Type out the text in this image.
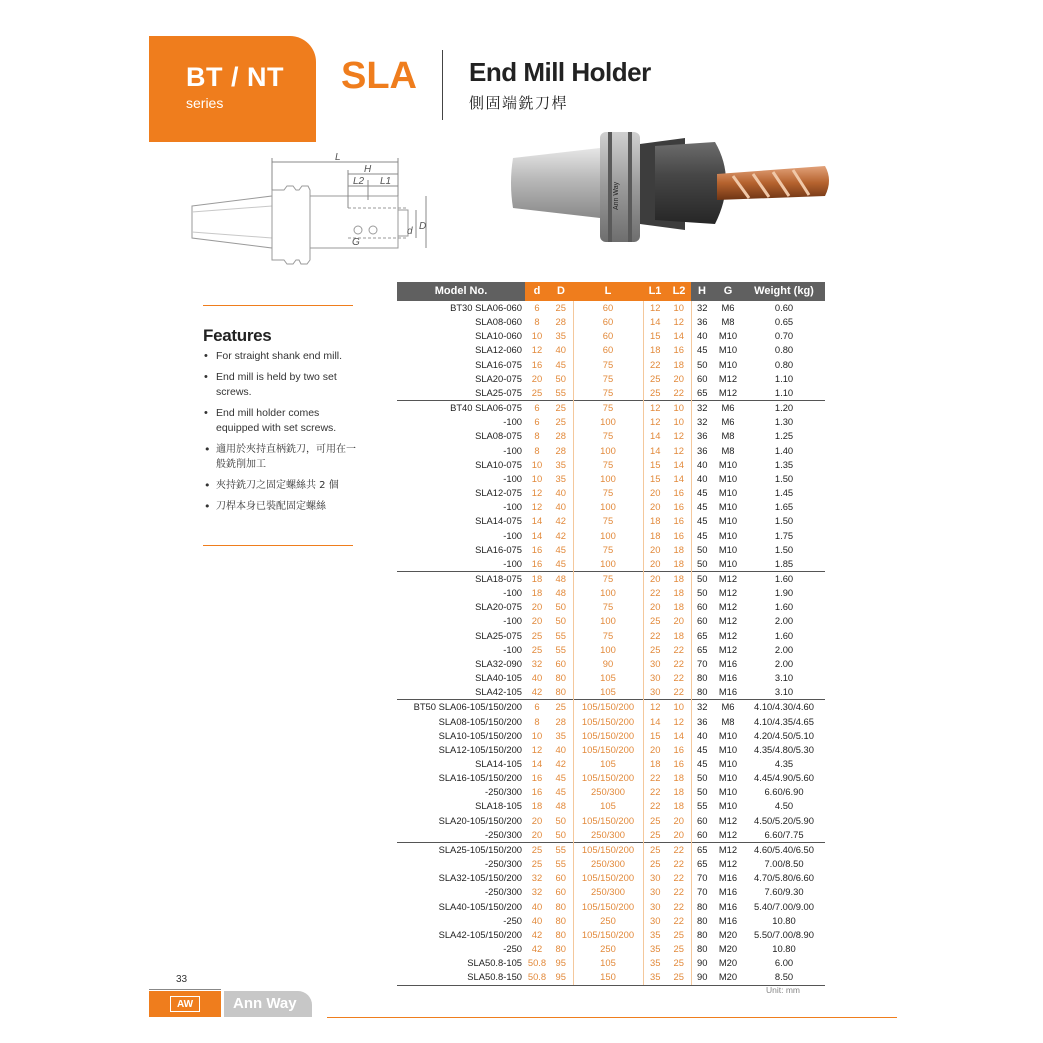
BT / NT
series
SLA End Mill Holder
側固端銑刀桿
L
H
L2 L1
G
d D
Ann Way
Features
• For straight shank end mill.
• End mill is held by two set screws.
• End mill holder comes equipped with set screws.
• 適用於夾持直柄銑刀，可用在一般銑削加工
• 夾持銑刀之固定螺絲共 2 個
• 刀桿本身已裝配固定螺絲
Model No.	d	D	L	L1	L2	H	G	Weight (kg)
BT30 SLA06-060	6	25	60	12	10	32	M6	0.60
SLA08-060	8	28	60	14	12	36	M8	0.65
SLA10-060	10	35	60	15	14	40	M10	0.70
SLA12-060	12	40	60	18	16	45	M10	0.80
SLA16-075	16	45	75	22	18	50	M10	0.80
SLA20-075	20	50	75	25	20	60	M12	1.10
SLA25-075	25	55	75	25	22	65	M12	1.10
BT40 SLA06-075	6	25	75	12	10	32	M6	1.20
-100	6	25	100	12	10	32	M6	1.30
SLA08-075	8	28	75	14	12	36	M8	1.25
-100	8	28	100	14	12	36	M8	1.40
SLA10-075	10	35	75	15	14	40	M10	1.35
-100	10	35	100	15	14	40	M10	1.50
SLA12-075	12	40	75	20	16	45	M10	1.45
-100	12	40	100	20	16	45	M10	1.65
SLA14-075	14	42	75	18	16	45	M10	1.50
-100	14	42	100	18	16	45	M10	1.75
SLA16-075	16	45	75	20	18	50	M10	1.50
-100	16	45	100	20	18	50	M10	1.85
SLA18-075	18	48	75	20	18	50	M12	1.60
-100	18	48	100	22	18	50	M12	1.90
SLA20-075	20	50	75	20	18	60	M12	1.60
-100	20	50	100	25	20	60	M12	2.00
SLA25-075	25	55	75	22	18	65	M12	1.60
-100	25	55	100	25	22	65	M12	2.00
SLA32-090	32	60	90	30	22	70	M16	2.00
SLA40-105	40	80	105	30	22	80	M16	3.10
SLA42-105	42	80	105	30	22	80	M16	3.10
BT50 SLA06-105/150/200	6	25	105/150/200	12	10	32	M6	4.10/4.30/4.60
SLA08-105/150/200	8	28	105/150/200	14	12	36	M8	4.10/4.35/4.65
SLA10-105/150/200	10	35	105/150/200	15	14	40	M10	4.20/4.50/5.10
SLA12-105/150/200	12	40	105/150/200	20	16	45	M10	4.35/4.80/5.30
SLA14-105	14	42	105	18	16	45	M10	4.35
SLA16-105/150/200	16	45	105/150/200	22	18	50	M10	4.45/4.90/5.60
-250/300	16	45	250/300	22	18	50	M10	6.60/6.90
SLA18-105	18	48	105	22	18	55	M10	4.50
SLA20-105/150/200	20	50	105/150/200	25	20	60	M12	4.50/5.20/5.90
-250/300	20	50	250/300	25	20	60	M12	6.60/7.75
SLA25-105/150/200	25	55	105/150/200	25	22	65	M12	4.60/5.40/6.50
-250/300	25	55	250/300	25	22	65	M12	7.00/8.50
SLA32-105/150/200	32	60	105/150/200	30	22	70	M16	4.70/5.80/6.60
-250/300	32	60	250/300	30	22	70	M16	7.60/9.30
SLA40-105/150/200	40	80	105/150/200	30	22	80	M16	5.40/7.00/9.00
-250	40	80	250	30	22	80	M16	10.80
SLA42-105/150/200	42	80	105/150/200	35	25	80	M20	5.50/7.00/8.90
-250	42	80	250	35	25	80	M20	10.80
SLA50.8-105	50.8	95	105	35	25	90	M20	6.00
SLA50.8-150	50.8	95	150	35	25	90	M20	8.50
Unit: mm
33
AW	Ann Way
